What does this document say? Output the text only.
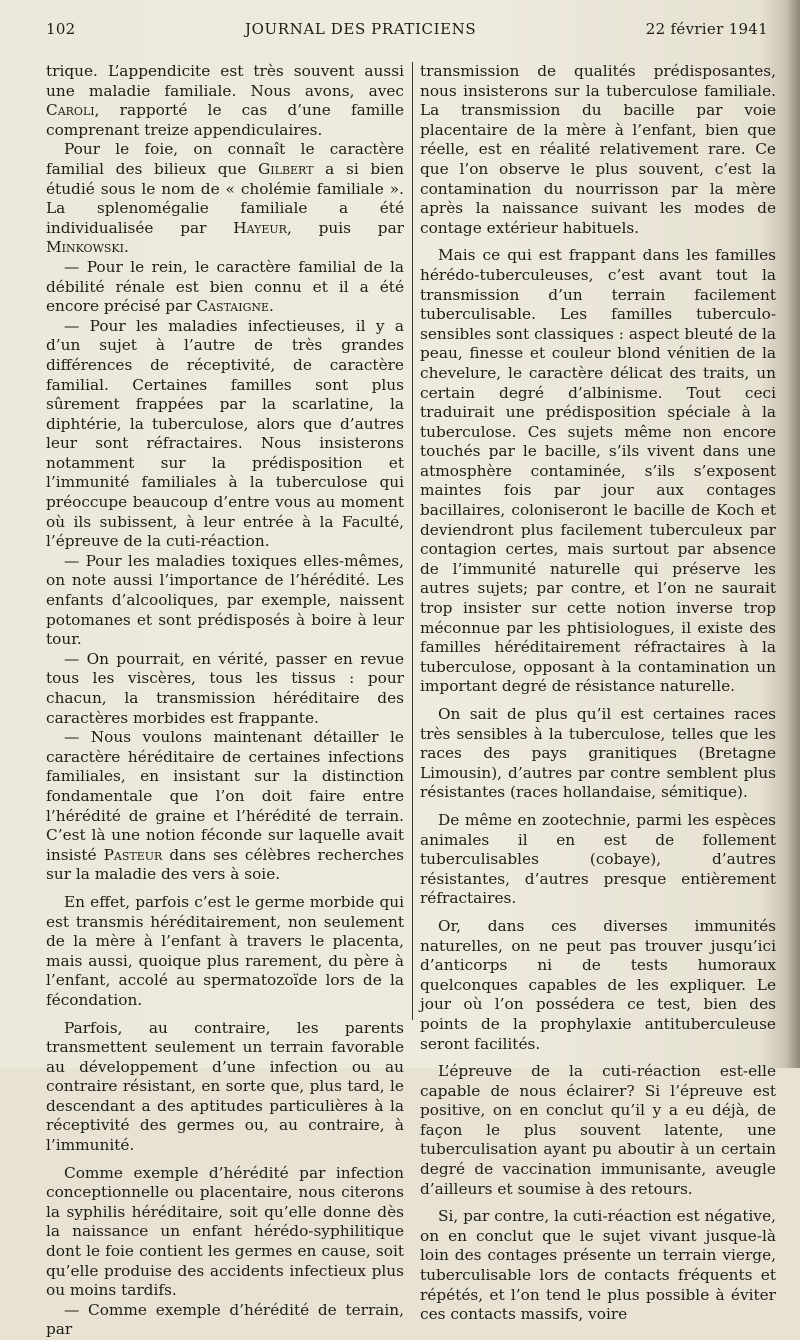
102	JOURNAL DES PRATICIENS	22 février 1941

trique. L’appendicite est très souvent aussi une maladie familiale. Nous avons, avec Caroli, rapporté le cas d’une famille comprenant treize appendiculaires.

Pour le foie, on connaît le caractère familial des bilieux que Gilbert a si bien étudié sous le nom de « cholémie familiale ». La splenomégalie familiale a été individualisée par Hayeur, puis par Minkowski.

— Pour le rein, le caractère familial de la débilité rénale est bien connu et il a été encore précisé par Castaigne.

— Pour les maladies infectieuses, il y a d’un sujet à l’autre de très grandes différences de réceptivité, de caractère familial. Certaines familles sont plus sûrement frappées par la scarlatine, la diphtérie, la tuberculose, alors que d’autres leur sont réfractaires. Nous insisterons notamment sur la prédisposition et l’immunité familiales à la tuberculose qui préoccupe beaucoup d’entre vous au moment où ils subissent, à leur entrée à la Faculté, l’épreuve de la cuti-réaction.

— Pour les maladies toxiques elles-mêmes, on note aussi l’importance de l’hérédité. Les enfants d’alcooliques, par exemple, naissent potomanes et sont prédisposés à boire à leur tour.

— On pourrait, en vérité, passer en revue tous les viscères, tous les tissus : pour chacun, la transmission héréditaire des caractères morbides est frappante.

— Nous voulons maintenant détailler le caractère héréditaire de certaines infections familiales, en insistant sur la distinction fondamentale que l’on doit faire entre l’hérédité de graine et l’hérédité de terrain. C’est là une notion féconde sur laquelle avait insisté Pasteur dans ses célèbres recherches sur la maladie des vers à soie.

En effet, parfois c’est le germe morbide qui est transmis héréditairement, non seulement de la mère à l’enfant à travers le placenta, mais aussi, quoique plus rarement, du père à l’enfant, accolé au spermatozoïde lors de la fécondation.

Parfois, au contraire, les parents transmettent seulement un terrain favorable au développement d’une infection ou au contraire résistant, en sorte que, plus tard, le descendant a des aptitudes particulières à la réceptivité des germes ou, au contraire, à l’immunité.

Comme exemple d’hérédité par infection conceptionnelle ou placentaire, nous citerons la syphilis héréditaire, soit qu’elle donne dès la naissance un enfant hérédo-syphilitique dont le foie contient les germes en cause, soit qu’elle produise des accidents infectieux plus ou moins tardifs.

— Comme exemple d’hérédité de terrain, par

transmission de qualités prédisposantes, nous insisterons sur la tuberculose familiale. La transmission du bacille par voie placentaire de la mère à l’enfant, bien que réelle, est en réalité relativement rare. Ce que l’on observe le plus souvent, c’est la contamination du nourrisson par la mère après la naissance suivant les modes de contage extérieur habituels.

Mais ce qui est frappant dans les familles hérédo-tuberculeuses, c’est avant tout la transmission d’un terrain facilement tuberculisable. Les familles tuberculo-sensibles sont classiques : aspect bleuté de la peau, finesse et couleur blond vénitien de la chevelure, le caractère délicat des traits, un certain degré d’albinisme. Tout ceci traduirait une prédisposition spéciale à la tuberculose. Ces sujets même non encore touchés par le bacille, s’ils vivent dans une atmosphère contaminée, s’ils s’exposent maintes fois par jour aux contages bacillaires, coloniseront le bacille de Koch et deviendront plus facilement tuberculeux par contagion certes, mais surtout par absence de l’immunité naturelle qui préserve les autres sujets; par contre, et l’on ne saurait trop insister sur cette notion inverse trop méconnue par les phtisiologues, il existe des familles héréditairement réfractaires à la tuberculose, opposant à la contamination un important degré de résistance naturelle.

On sait de plus qu’il est certaines races très sensibles à la tuberculose, telles que les races des pays granitiques (Bretagne Limousin), d’autres par contre semblent plus résistantes (races hollandaise, sémitique).

De même en zootechnie, parmi les espèces animales il en est de follement tuberculisables (cobaye), d’autres résistantes, d’autres presque entièrement réfractaires.

Or, dans ces diverses immunités naturelles, on ne peut pas trouver jusqu’ici d’anticorps ni de tests humoraux quelconques capables de les expliquer. Le jour où l’on possédera ce test, bien des points de la prophylaxie antituberculeuse seront facilités.

L’épreuve de la cuti-réaction est-elle capable de nous éclairer? Si l’épreuve est positive, on en conclut qu’il y a eu déjà, de façon le plus souvent latente, une tuberculisation ayant pu aboutir à un certain degré de vaccination immunisante, aveugle d’ailleurs et soumise à des retours.

Si, par contre, la cuti-réaction est négative, on en conclut que le sujet vivant jusque-là loin des contages présente un terrain vierge, tuberculisable lors de contacts fréquents et répétés, et l’on tend le plus possible à éviter ces contacts massifs, voire
